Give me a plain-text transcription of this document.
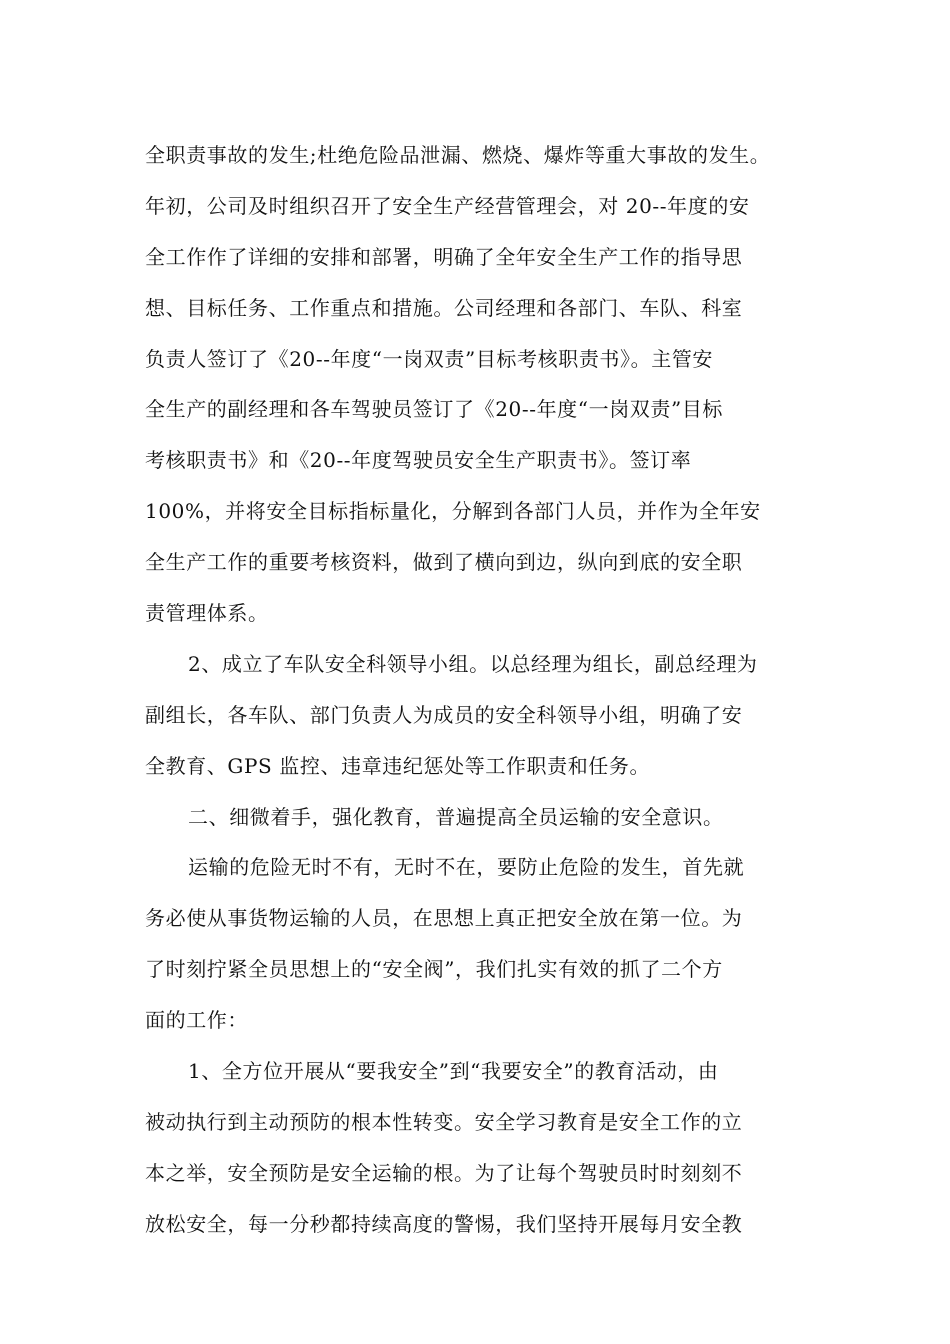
全职责事故的发生;杜绝危险品泄漏、燃烧、爆炸等重大事故的发生。
年初，公司及时组织召开了安全生产经营管理会，对 20--年度的安
全工作作了详细的安排和部署，明确了全年安全生产工作的指导思
想、目标任务、工作重点和措施。公司经理和各部门、车队、科室
负责人签订了《20--年度“一岗双责”目标考核职责书》。主管安
全生产的副经理和各车驾驶员签订了《20--年度“一岗双责”目标
考核职责书》和《20--年度驾驶员安全生产职责书》。签订率
100%，并将安全目标指标量化，分解到各部门人员，并作为全年安
全生产工作的重要考核资料，做到了横向到边，纵向到底的安全职
责管理体系。
2、成立了车队安全科领导小组。以总经理为组长，副总经理为
副组长，各车队、部门负责人为成员的安全科领导小组，明确了安
全教育、GPS 监控、违章违纪惩处等工作职责和任务。
二、细微着手，强化教育，普遍提高全员运输的安全意识。
运输的危险无时不有，无时不在，要防止危险的发生，首先就
务必使从事货物运输的人员，在思想上真正把安全放在第一位。为
了时刻拧紧全员思想上的“安全阀”，我们扎实有效的抓了二个方
面的工作：
1、全方位开展从“要我安全”到“我要安全”的教育活动，由
被动执行到主动预防的根本性转变。安全学习教育是安全工作的立
本之举，安全预防是安全运输的根。为了让每个驾驶员时时刻刻不
放松安全，每一分秒都持续高度的警惕，我们坚持开展每月安全教
